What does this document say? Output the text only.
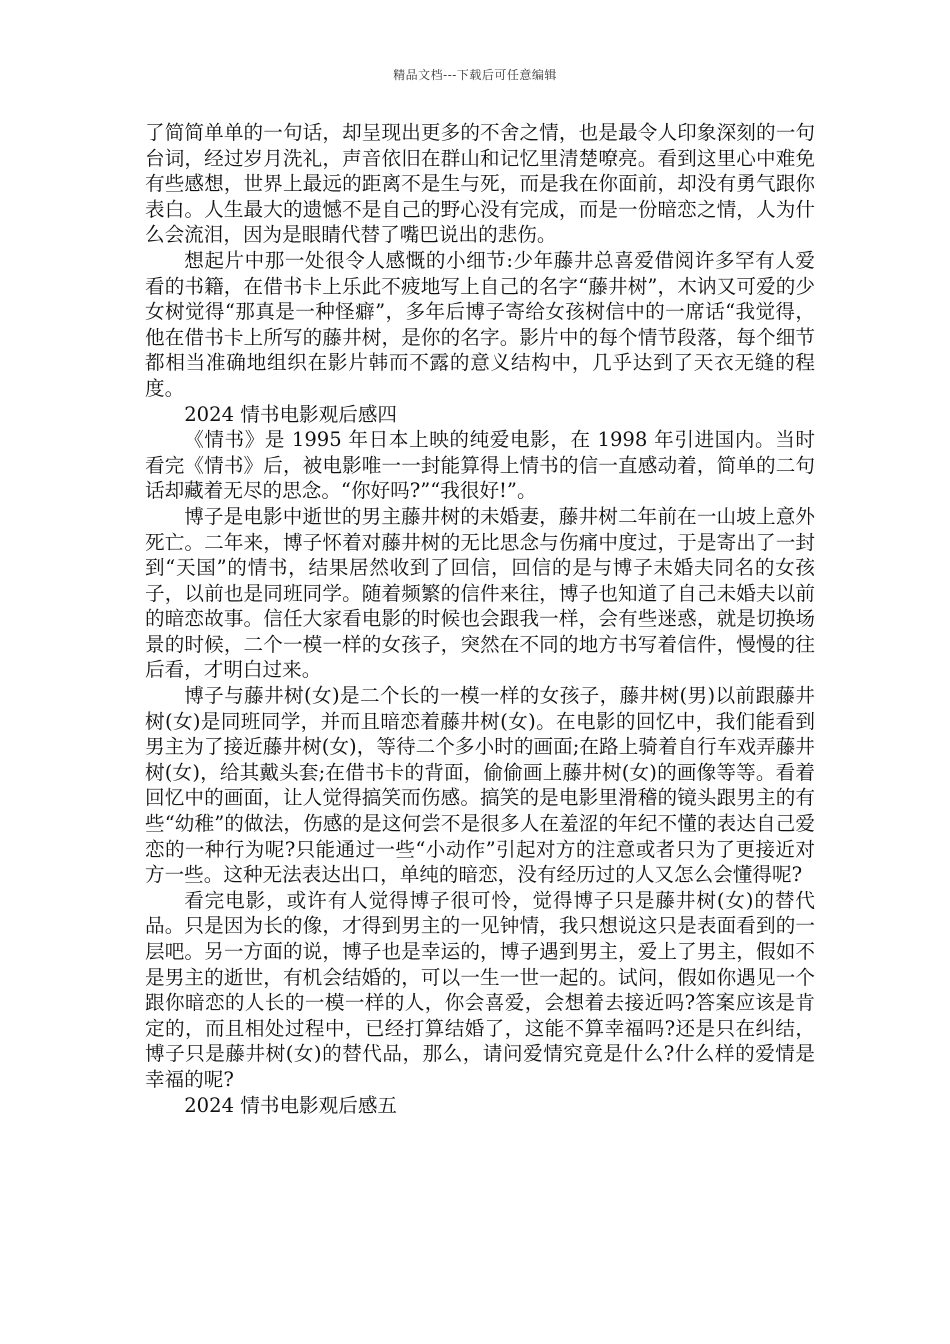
精品文档---下载后可任意编辑

了简简单单的一句话，却呈现出更多的不舍之情，也是最令人印象深刻的一句台词，经过岁月洗礼，声音依旧在群山和记忆里清楚嘹亮。看到这里心中难免有些感想，世界上最远的距离不是生与死，而是我在你面前，却没有勇气跟你表白。人生最大的遗憾不是自己的野心没有完成，而是一份暗恋之情，人为什么会流泪，因为是眼睛代替了嘴巴说出的悲伤。

想起片中那一处很令人感慨的小细节:少年藤井总喜爱借阅许多罕有人爱看的书籍，在借书卡上乐此不疲地写上自己的名字“藤井树”，木讷又可爱的少女树觉得“那真是一种怪癖”，多年后博子寄给女孩树信中的一席话“我觉得，他在借书卡上所写的藤井树，是你的名字。影片中的每个情节段落，每个细节都相当准确地组织在影片韩而不露的意义结构中，几乎达到了天衣无缝的程度。

2024 情书电影观后感四

《情书》是 1995 年日本上映的纯爱电影，在 1998 年引进国内。当时看完《情书》后，被电影唯一一封能算得上情书的信一直感动着，简单的二句话却藏着无尽的思念。“你好吗?”“我很好!”。

博子是电影中逝世的男主藤井树的未婚妻，藤井树二年前在一山坡上意外死亡。二年来，博子怀着对藤井树的无比思念与伤痛中度过，于是寄出了一封到“天国”的情书，结果居然收到了回信，回信的是与博子未婚夫同名的女孩子，以前也是同班同学。随着频繁的信件来往，博子也知道了自己未婚夫以前的暗恋故事。信任大家看电影的时候也会跟我一样，会有些迷惑，就是切换场景的时候，二个一模一样的女孩子，突然在不同的地方书写着信件，慢慢的往后看，才明白过来。

博子与藤井树(女)是二个长的一模一样的女孩子，藤井树(男)以前跟藤井树(女)是同班同学，并而且暗恋着藤井树(女)。在电影的回忆中，我们能看到男主为了接近藤井树(女)，等待二个多小时的画面;在路上骑着自行车戏弄藤井树(女)，给其戴头套;在借书卡的背面，偷偷画上藤井树(女)的画像等等。看着回忆中的画面，让人觉得搞笑而伤感。搞笑的是电影里滑稽的镜头跟男主的有些“幼稚”的做法，伤感的是这何尝不是很多人在羞涩的年纪不懂的表达自己爱恋的一种行为呢?只能通过一些“小动作”引起对方的注意或者只为了更接近对方一些。这种无法表达出口，单纯的暗恋，没有经历过的人又怎么会懂得呢?

看完电影，或许有人觉得博子很可怜，觉得博子只是藤井树(女)的替代品。只是因为长的像，才得到男主的一见钟情，我只想说这只是表面看到的一层吧。另一方面的说，博子也是幸运的，博子遇到男主，爱上了男主，假如不是男主的逝世，有机会结婚的，可以一生一世一起的。试问，假如你遇见一个跟你暗恋的人长的一模一样的人，你会喜爱，会想着去接近吗?答案应该是肯定的，而且相处过程中，已经打算结婚了，这能不算幸福吗?还是只在纠结，博子只是藤井树(女)的替代品，那么，请问爱情究竟是什么?什么样的爱情是幸福的呢?

2024 情书电影观后感五
